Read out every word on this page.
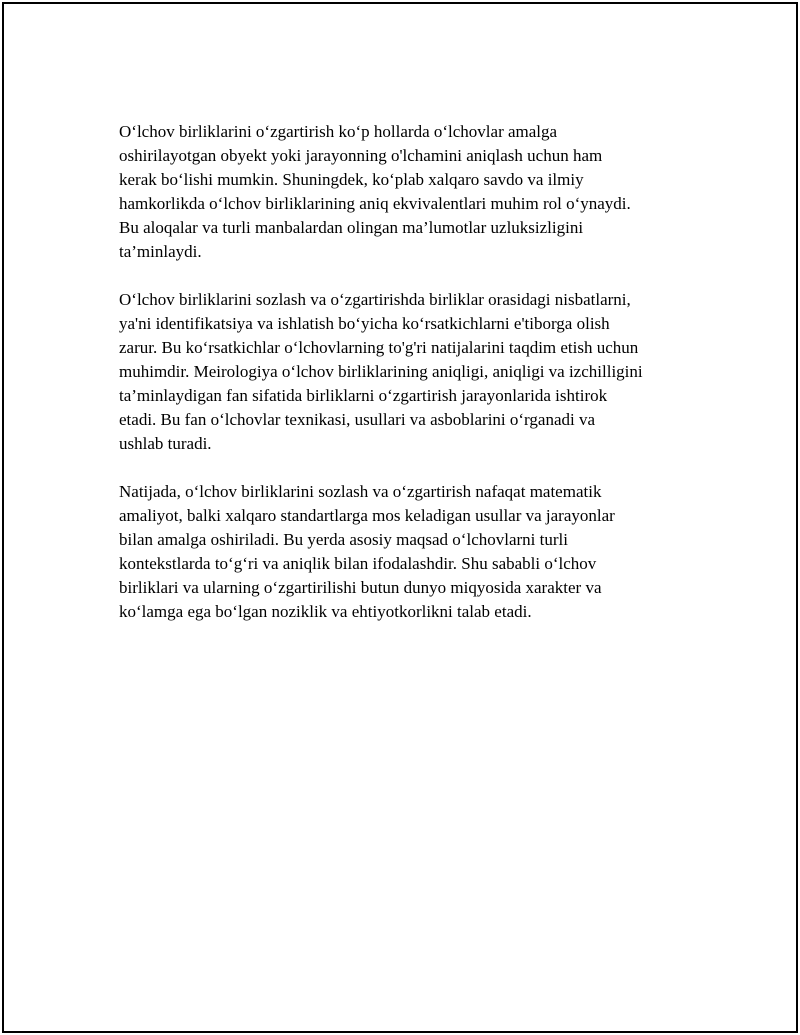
O‘lchov birliklarini o‘zgartirish ko‘p hollarda o‘lchovlar amalga
oshirilayotgan obyekt yoki jarayonning o'lchamini aniqlash uchun ham
kerak bo‘lishi mumkin. Shuningdek, ko‘plab xalqaro savdo va ilmiy
hamkorlikda o‘lchov birliklarining aniq ekvivalentlari muhim rol o‘ynaydi.
Bu aloqalar va turli manbalardan olingan ma’lumotlar uzluksizligini
ta’minlaydi.

O‘lchov birliklarini sozlash va o‘zgartirishda birliklar orasidagi nisbatlarni,
ya'ni identifikatsiya va ishlatish bo‘yicha ko‘rsatkichlarni e'tiborga olish
zarur. Bu ko‘rsatkichlar o‘lchovlarning to'g'ri natijalarini taqdim etish uchun
muhimdir. Meirologiya o‘lchov birliklarining aniqligi, aniqligi va izchilligini
ta’minlaydigan fan sifatida birliklarni o‘zgartirish jarayonlarida ishtirok
etadi. Bu fan o‘lchovlar texnikasi, usullari va asboblarini o‘rganadi va
ushlab turadi.

Natijada, o‘lchov birliklarini sozlash va o‘zgartirish nafaqat matematik
amaliyot, balki xalqaro standartlarga mos keladigan usullar va jarayonlar
bilan amalga oshiriladi. Bu yerda asosiy maqsad o‘lchovlarni turli
kontekstlarda to‘g‘ri va aniqlik bilan ifodalashdir. Shu sababli o‘lchov
birliklari va ularning o‘zgartirilishi butun dunyo miqyosida xarakter va
ko‘lamga ega bo‘lgan noziklik va ehtiyotkorlikni talab etadi.
